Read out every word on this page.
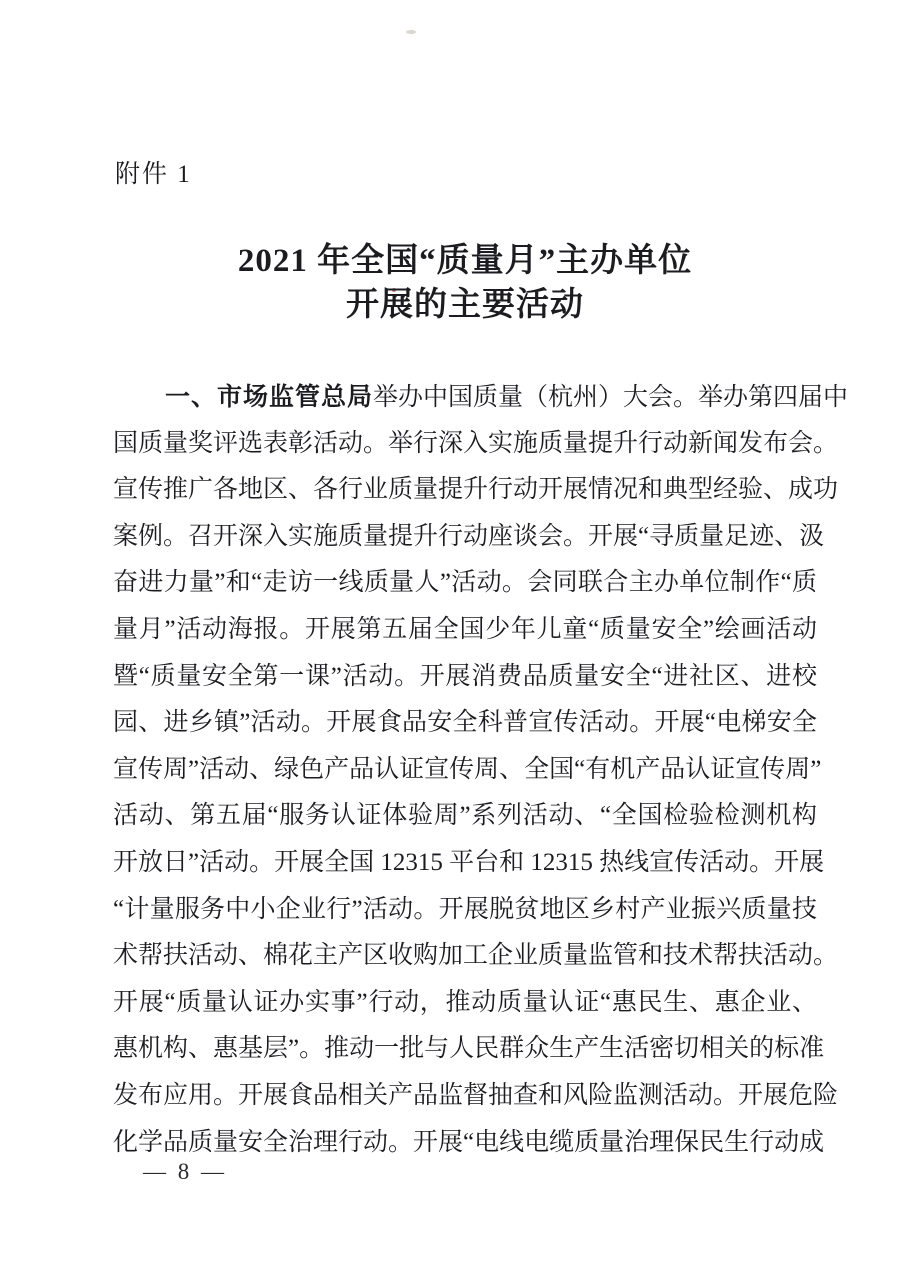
附件 1
2021 年全国“质量月”主办单位
开展的主要活动
一、市场监管总局举办中国质量（杭州）大会。举办第四届中
国质量奖评选表彰活动。举行深入实施质量提升行动新闻发布会。
宣传推广各地区、各行业质量提升行动开展情况和典型经验、成功
案例。召开深入实施质量提升行动座谈会。开展“寻质量足迹、汲
奋进力量”和“走访一线质量人”活动。会同联合主办单位制作“质
量月”活动海报。开展第五届全国少年儿童“质量安全”绘画活动
暨“质量安全第一课”活动。开展消费品质量安全“进社区、进校
园、进乡镇”活动。开展食品安全科普宣传活动。开展“电梯安全
宣传周”活动、绿色产品认证宣传周、全国“有机产品认证宣传周”
活动、第五届“服务认证体验周”系列活动、“全国检验检测机构
开放日”活动。开展全国 12315 平台和 12315 热线宣传活动。开展
“计量服务中小企业行”活动。开展脱贫地区乡村产业振兴质量技
术帮扶活动、棉花主产区收购加工企业质量监管和技术帮扶活动。
开展“质量认证办实事”行动，推动质量认证“惠民生、惠企业、
惠机构、惠基层”。推动一批与人民群众生产生活密切相关的标准
发布应用。开展食品相关产品监督抽查和风险监测活动。开展危险
化学品质量安全治理行动。开展“电线电缆质量治理保民生行动成
— 8 —
